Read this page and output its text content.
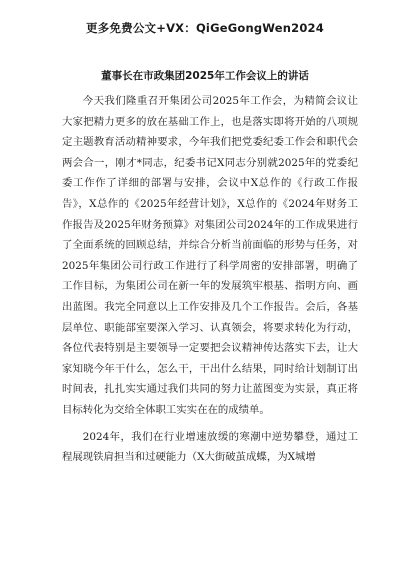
更多免费公文+VX：QiGeGongWen2024
董事长在市政集团2025年工作会议上的讲话

今天我们隆重召开集团公司2025年工作会，为精简会议让大家把精力更多的放在基础工作上，也是落实即将开始的八项规定主题教育活动精神要求，今年我们把党委纪委工作会和职代会两会合一，刚才*同志，纪委书记X同志分别就2025年的党委纪委工作作了详细的部署与安排，会议中X总作的《行政工作报告》，X总作的《2025年经营计划》，X总作的《2024年财务工作报告及2025年财务预算》对集团公司2024年的工作成果进行了全面系统的回顾总结，并综合分析当前面临的形势与任务，对2025年集团公司行政工作进行了科学周密的安排部署，明确了工作目标，为集团公司在新一年的发展筑牢根基、指明方向、画出蓝图。我完全同意以上工作安排及几个工作报告。会后，各基层单位、职能部室要深入学习、认真领会，将要求转化为行动，各位代表特别是主要领导一定要把会议精神传达落实下去，让大家知晓今年干什么，怎么干，干出什么结果，同时给计划制订出时间表，扎扎实实通过我们共同的努力让蓝图变为实景，真正将目标转化为交给全体职工实实在在的成绩单。

2024年，我们在行业增速放缓的寒潮中逆势攀登，通过工程展现铁肩担当和过硬能力（X大街破茧成蝶，为X城增
